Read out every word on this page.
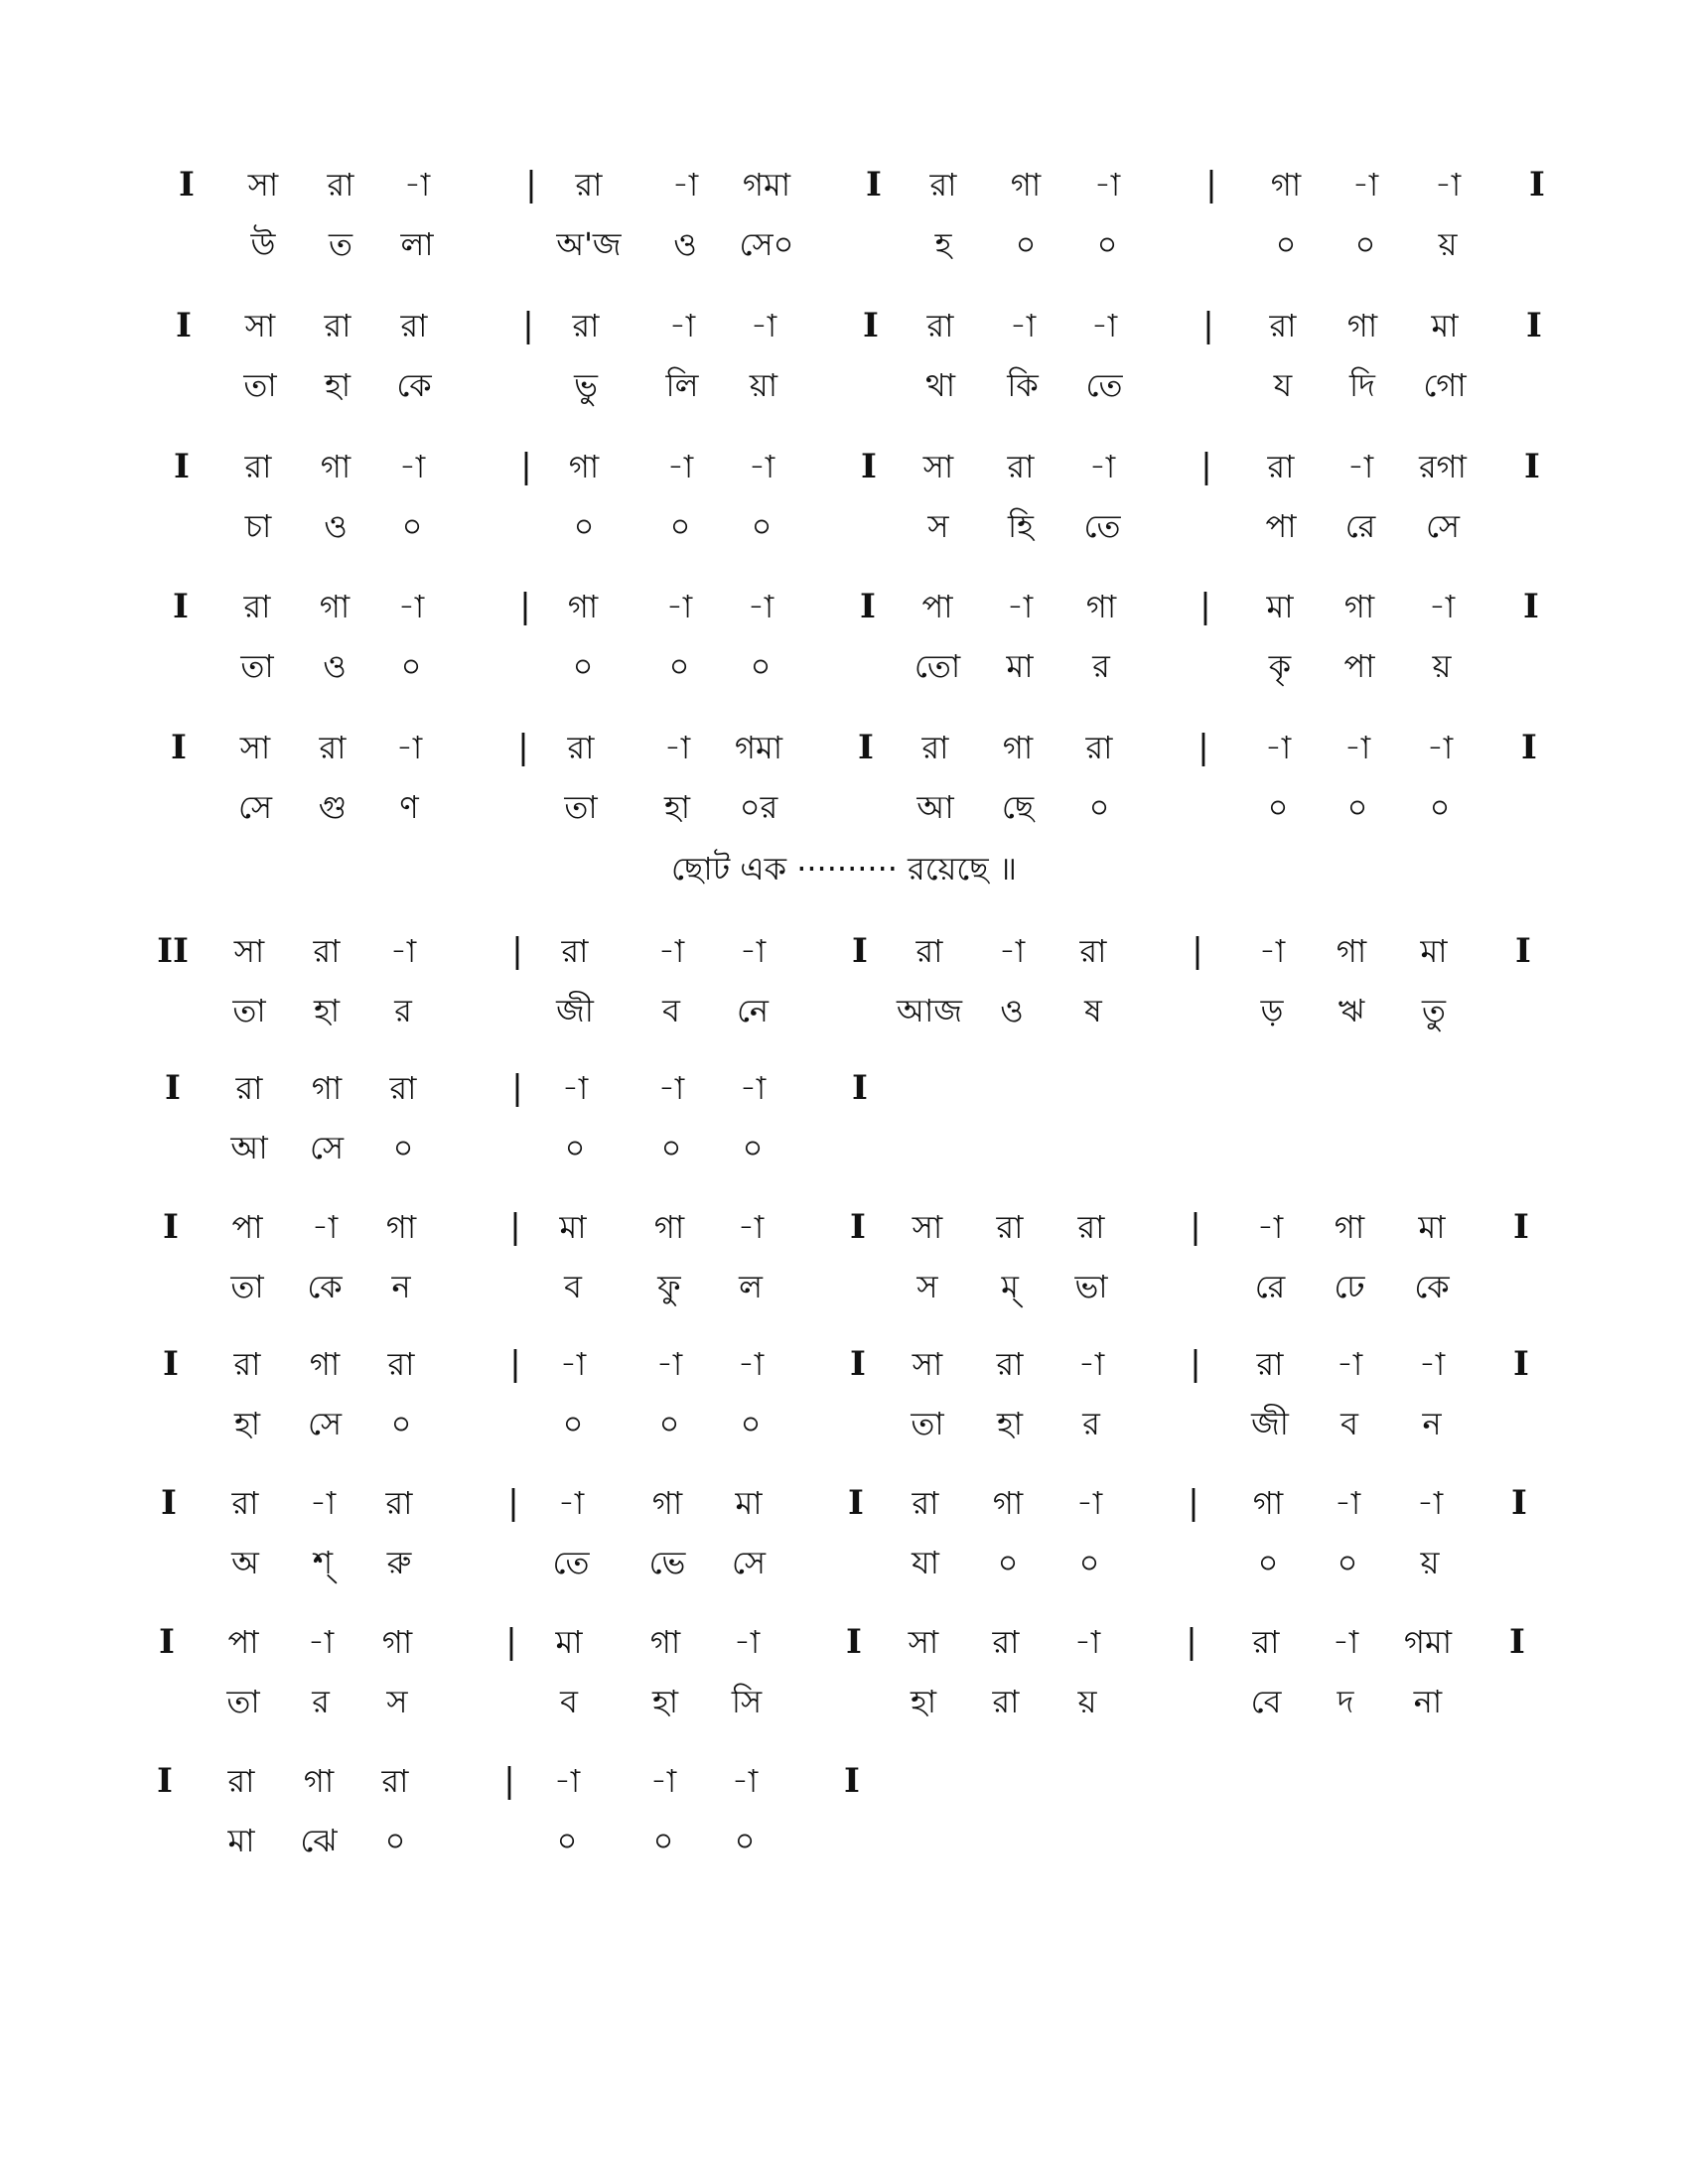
I	সা	রা	-া	|	রা	-া	গমা	I	রা	গা	-া	|	গা	-া	-া	I
উ	ত	লা	অ'জ	ও	সে০	হ	০	০	০	০	য়
I	সা	রা	রা	|	রা	-া	-া	I	রা	-া	-া	|	রা	গা	মা	I
তা	হা	কে	ভু	লি	য়া	থা	কি	তে	য	দি	গো
I	রা	গা	-া	|	গা	-া	-া	I	সা	রা	-া	|	রা	-া	রগা	I
চা	ও	০	০	০	০	স	হি	তে	পা	রে	সে
I	রা	গা	-া	|	গা	-া	-া	I	পা	-া	গা	|	মা	গা	-া	I
তা	ও	০	০	০	০	তো	মা	র	কৃ	পা	য়
I	সা	রা	-া	|	রা	-া	গমা	I	রা	গা	রা	|	-া	-া	-া	I
সে	গু	ণ	তা	হা	০র	আ	ছে	০	০	০	০
II	সা	রা	-া	|	রা	-া	-া	I	রা	-া	রা	|	-া	গা	মা	I
তা	হা	র	জী	ব	নে	আজ	ও	ষ	ড়	ঋ	তু
I	রা	গা	রা	|	-া	-া	-া	I
আ	সে	০	০	০	০
I	পা	-া	গা	|	মা	গা	-া	I	সা	রা	রা	|	-া	গা	মা	I
তা	কে	ন	ব	ফু	ল	স	ম্	ভা	রে	ঢে	কে
I	রা	গা	রা	|	-া	-া	-া	I	সা	রা	-া	|	রা	-া	-া	I
হা	সে	০	০	০	০	তা	হা	র	জী	ব	ন
I	রা	-া	রা	|	-া	গা	মা	I	রা	গা	-া	|	গা	-া	-া	I
অ	শ্	রু	তে	ভে	সে	যা	০	০	০	০	য়
I	পা	-া	গা	|	মা	গা	-া	I	সা	রা	-া	|	রা	-া	গমা	I
তা	র	স	ব	হা	সি	হা	রা	য়	বে	দ	না
I	রা	গা	রা	|	-া	-া	-া	I
মা	ঝে	০	০	০	০
ছোট এক ·········· রয়েছে ॥
